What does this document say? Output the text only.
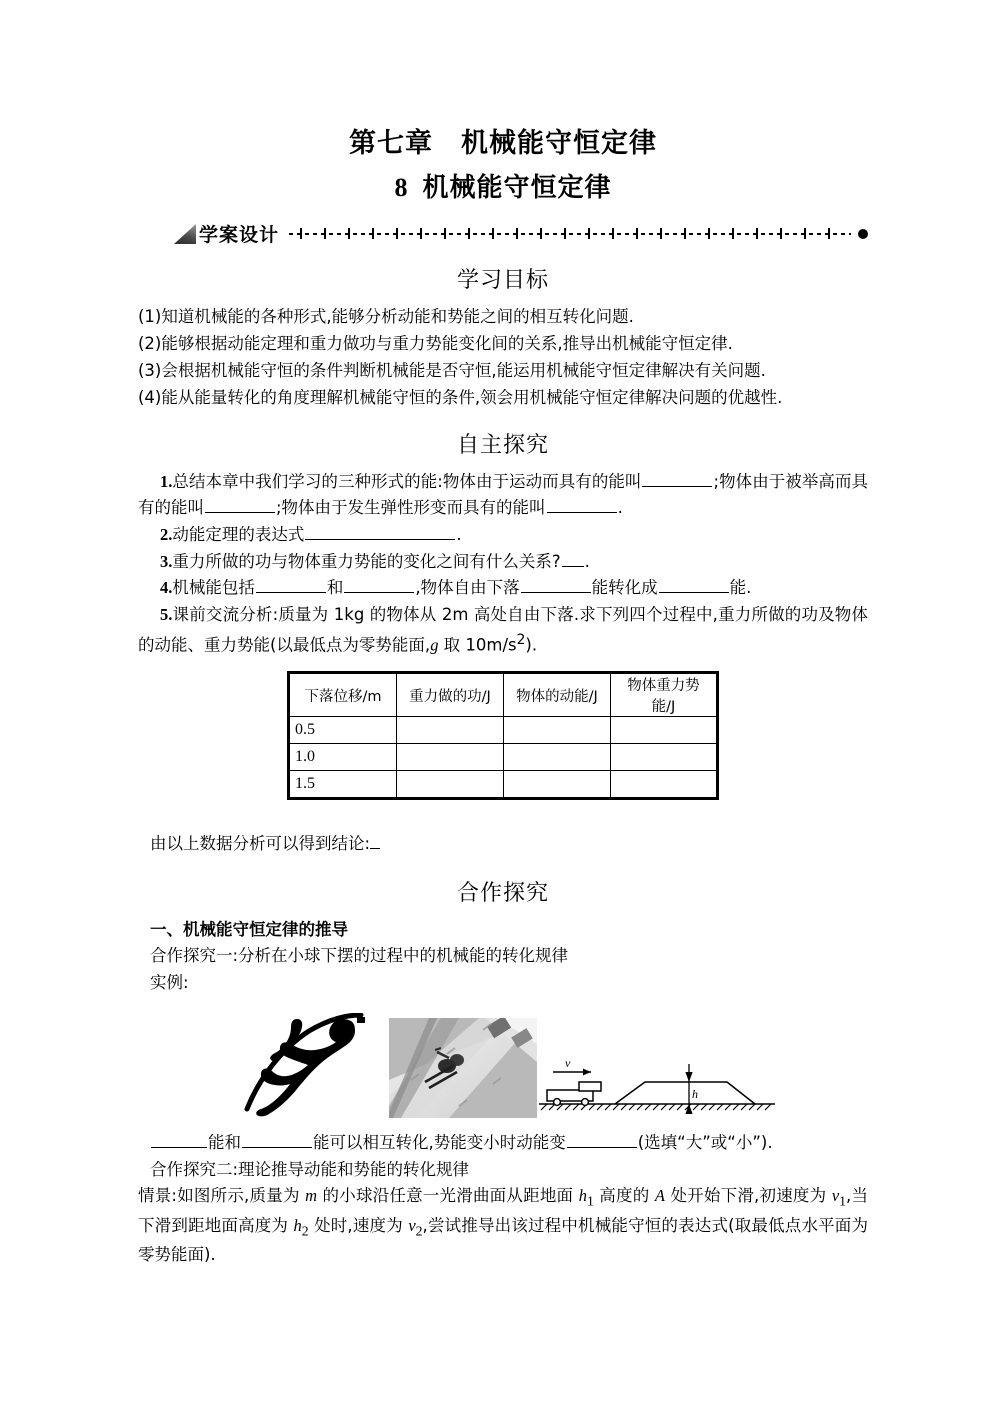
第七章　机械能守恒定律
8 机械能守恒定律
学案设计
学习目标
(1)知道机械能的各种形式,能够分析动能和势能之间的相互转化问题.
(2)能够根据动能定理和重力做功与重力势能变化间的关系,推导出机械能守恒定律.
(3)会根据机械能守恒的条件判断机械能是否守恒,能运用机械能守恒定律解决有关问题.
(4)能从能量转化的角度理解机械能守恒的条件,领会用机械能守恒定律解决问题的优越性.
自主探究
1.总结本章中我们学习的三种形式的能:物体由于运动而具有的能叫	;物体由于被举高而具有的能叫	;物体由于发生弹性形变而具有的能叫	.
2.动能定理的表达式	.
3.重力所做的功与物体重力势能的变化之间有什么关系? .
4.机械能包括	和	,物体自由下落	能转化成	能.
5.课前交流分析:质量为 1kg 的物体从 2m 高处自由下落.求下列四个过程中,重力所做的功及物体的动能、重力势能(以最低点为零势能面,g 取 $10m/s^2$).
下落位移/m	重力做的功/J	物体的动能/J	物体重力势能/J
0.5			
1.0			
1.5			
由以上数据分析可以得到结论:
合作探究
一、机械能守恒定律的推导
合作探究一:分析在小球下摆的过程中的机械能的转化规律
实例:
v
h
能和	能可以相互转化,势能变小时动能变	(选填“大”或“小”).
合作探究二:理论推导动能和势能的转化规律
情景:如图所示,质量为 m 的小球沿任意一光滑曲面从距地面 $h_1$ 高度的 A 处开始下滑,初速度为 $v_1$,当下滑到距地面高度为 $h_2$ 处时,速度为 $v_2$,尝试推导出该过程中机械能守恒的表达式(取最低点水平面为零势能面).
